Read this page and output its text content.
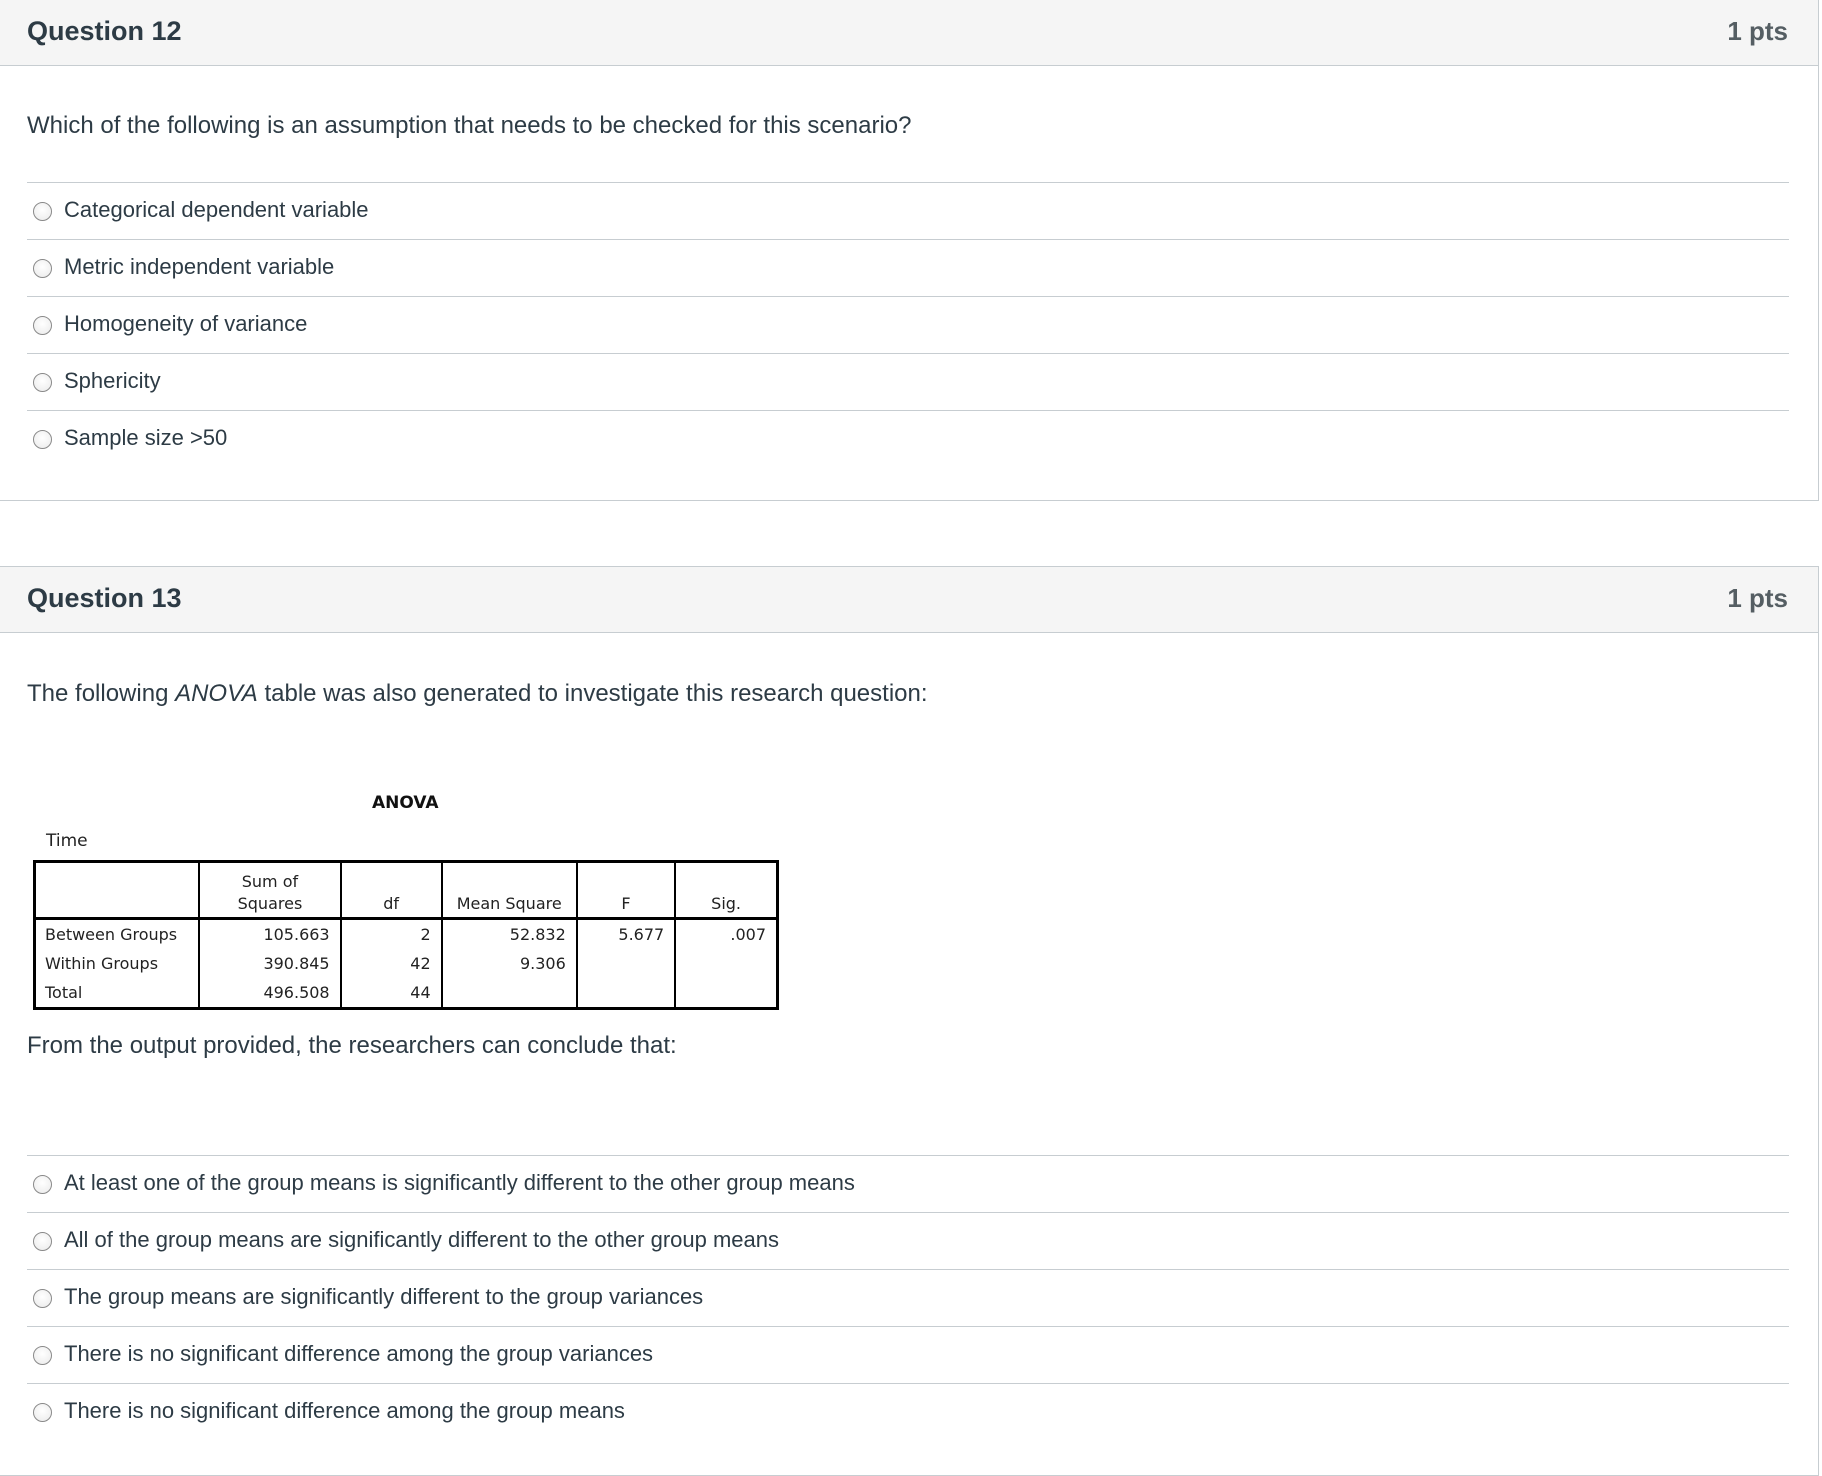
Question 12	1 pts
Which of the following is an assumption that needs to be checked for this scenario?
Categorical dependent variable
Metric independent variable
Homogeneity of variance
Sphericity
Sample size >50
Question 13	1 pts
The following ANOVA table was also generated to investigate this research question:
ANOVA
Time
	Sum of Squares	df	Mean Square	F	Sig.
Between Groups	105.663	2	52.832	5.677	.007
Within Groups	390.845	42	9.306		
Total	496.508	44			
From the output provided, the researchers can conclude that:
At least one of the group means is significantly different to the other group means
All of the group means are significantly different to the other group means
The group means are significantly different to the group variances
There is no significant difference among the group variances
There is no significant difference among the group means
